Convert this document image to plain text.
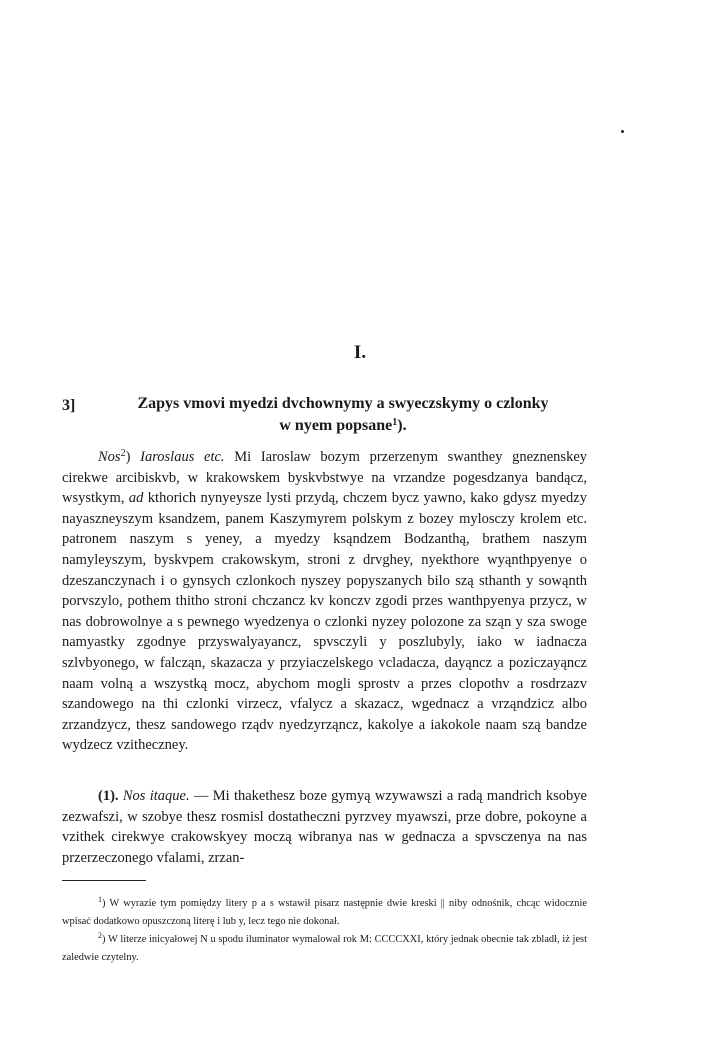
I.
3]	Zapys vmovi myedzi dvchownymy a swyeczskymy o czlonky
w nyem popsane$^1$).
Nos$^2$) Iaroslaus etc. Mi Iaroslaw bozym przerzenym swanthey gneznenskey cirekwe arcibiskvb, w krakowskem byskvbstwye na vrzandze pogesdzanya bandącz, wsystkym, ad kthorich nynyeysze lysti przydą, chczem bycz yawno, kako gdysz myedzy nayaszneyszym ksandzem, panem Kaszymyrem polskym z bozey mylosczy krolem etc. patronem naszym s yeney, a myedzy ksąndzem Bodzanthą, brathem naszym namyleyszym, byskvpem crakowskym, stroni z drvghey, nyekthore wyąnthpyenye o dzeszanczynach i o gynsych czlonkoch nyszey popyszanych bilo szą sthanth y sowąnth porvszylo, pothem thitho stroni chczancz kv konczv zgodi przes wanthpyenya przycz, w nas dobrowolnye a s pewnego wyedzenya o czlonki nyzey polozone za sząn y sza swoge namyastky zgodnye przyswalyayancz, spvsczyli y poszlubyly, iako w iadnacza szlvbyonego, w falcząn, skazacza y przyiaczelskego vcladacza, dayąncz a poziczayąncz naam volną a wszystką mocz, abychom mogli sprostv a przes clopothv a rosdrzazv szandowego na thi czlonki virzecz, vfalycz a skazacz, wgednacz a vrząndzicz albo zrzandzycz, thesz sandowego rządv nyedzyrząncz, kakolye a iakokole naam szą bandze wydzecz vzitheczney.
(1). Nos itaque. — Mi thakethesz boze gymyą wzywawszi a radą mandrich ksobye zezwafszi, w szobye thesz rosmisl dostatheczni pyrzvey myawszi, prze dobre, pokoyne a vzithek cirekwye crakowskyey moczą wibranya nas w gednacza a spvsczenya na nas przerzeczonego vfalami, zrzan-
$^1$) W wyrazie tym pomiędzy litery p a s wstawił pisarz następnie dwie kreski || niby odnośnik, chcąc widocznie wpisać dodatkowo opuszczoną literę i lub y, lecz tego nie dokonał.
$^2$) W literze inicyałowej N u spodu iluminator wymalował rok M: CCCCXXI, który jednak obecnie tak zbladł, iż jest zaledwie czytelny.
